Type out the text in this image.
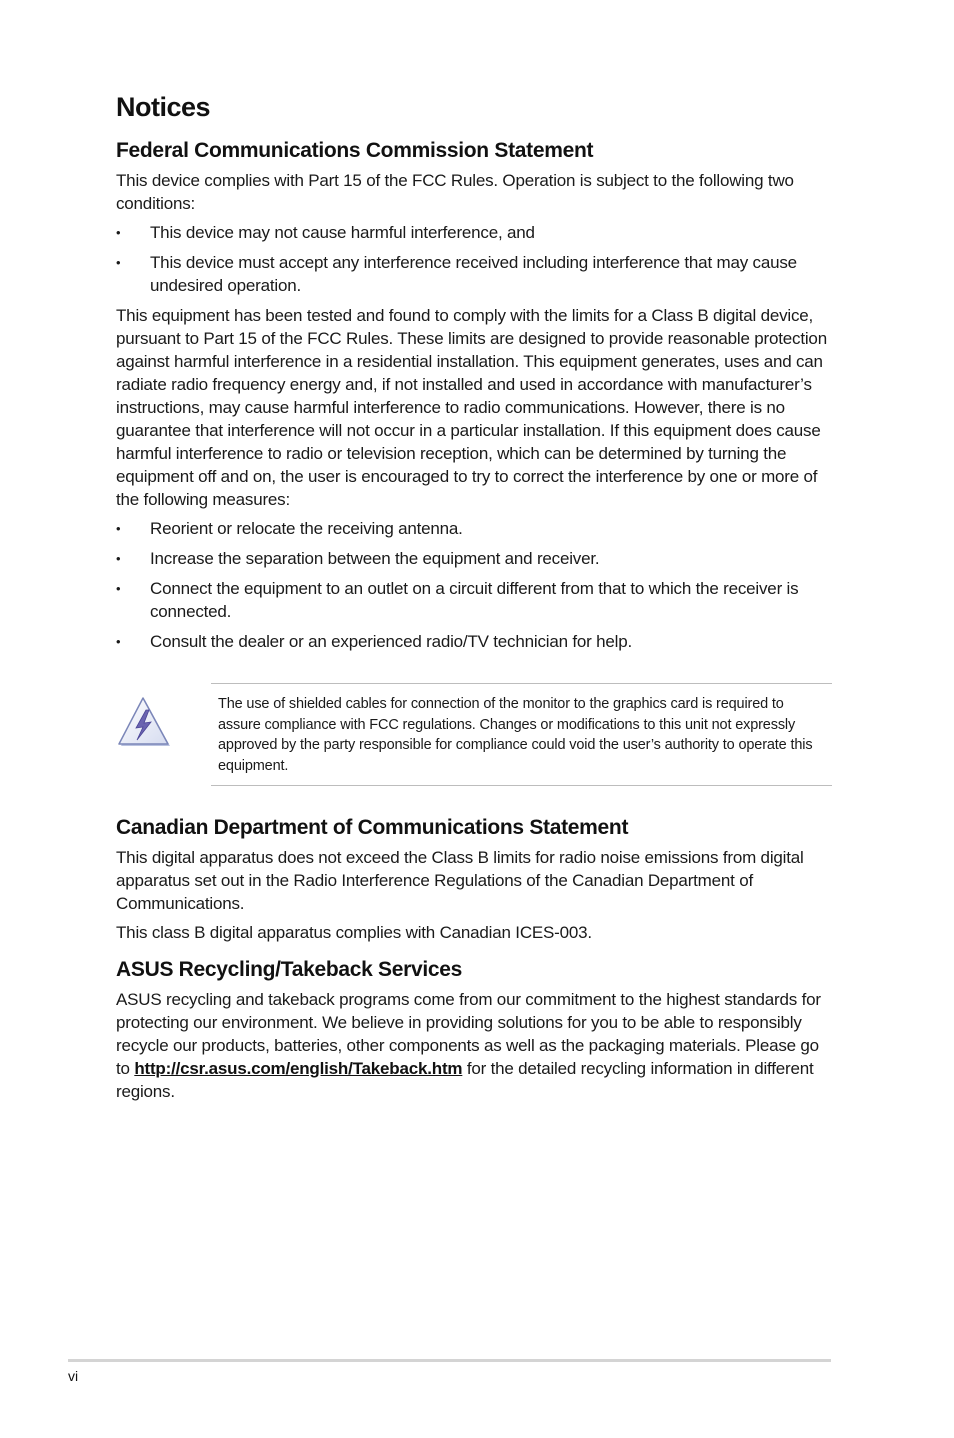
Notices
Federal Communications Commission Statement

This device complies with Part 15 of the FCC Rules. Operation is subject to the following two conditions:

•	This device may not cause harmful interference, and
•	This device must accept any interference received including interference that may cause undesired operation.

This equipment has been tested and found to comply with the limits for a Class B digital device, pursuant to Part 15 of the FCC Rules. These limits are designed to provide reasonable protection against harmful interference in a residential installation. This equipment generates, uses and can radiate radio frequency energy and, if not installed and used in accordance with manufacturer’s instructions, may cause harmful interference to radio communications. However, there is no guarantee that interference will not occur in a particular installation. If this equipment does cause harmful interference to radio or television reception, which can be determined by turning the equipment off and on, the user is encouraged to try to correct the interference by one or more of the following measures:

•	Reorient or relocate the receiving antenna.
•	Increase the separation between the equipment and receiver.
•	Connect the equipment to an outlet on a circuit different from that to which the receiver is connected.
•	Consult the dealer or an experienced radio/TV technician for help.

The use of shielded cables for connection of the monitor to the graphics card is required to assure compliance with FCC regulations. Changes or modifications to this unit not expressly approved by the party responsible for compliance could void the user’s authority to operate this equipment.

Canadian Department of Communications Statement

This digital apparatus does not exceed the Class B limits for radio noise emissions from digital apparatus set out in the Radio Interference Regulations of the Canadian Department of Communications.

This class B digital apparatus complies with Canadian ICES-003.

ASUS Recycling/Takeback Services

ASUS recycling and takeback programs come from our commitment to the highest standards for protecting our environment. We believe in providing solutions for you to be able to responsibly recycle our products, batteries, other components as well as the packaging materials. Please go to http://csr.asus.com/english/Takeback.htm for the detailed recycling information in different regions.

vi
